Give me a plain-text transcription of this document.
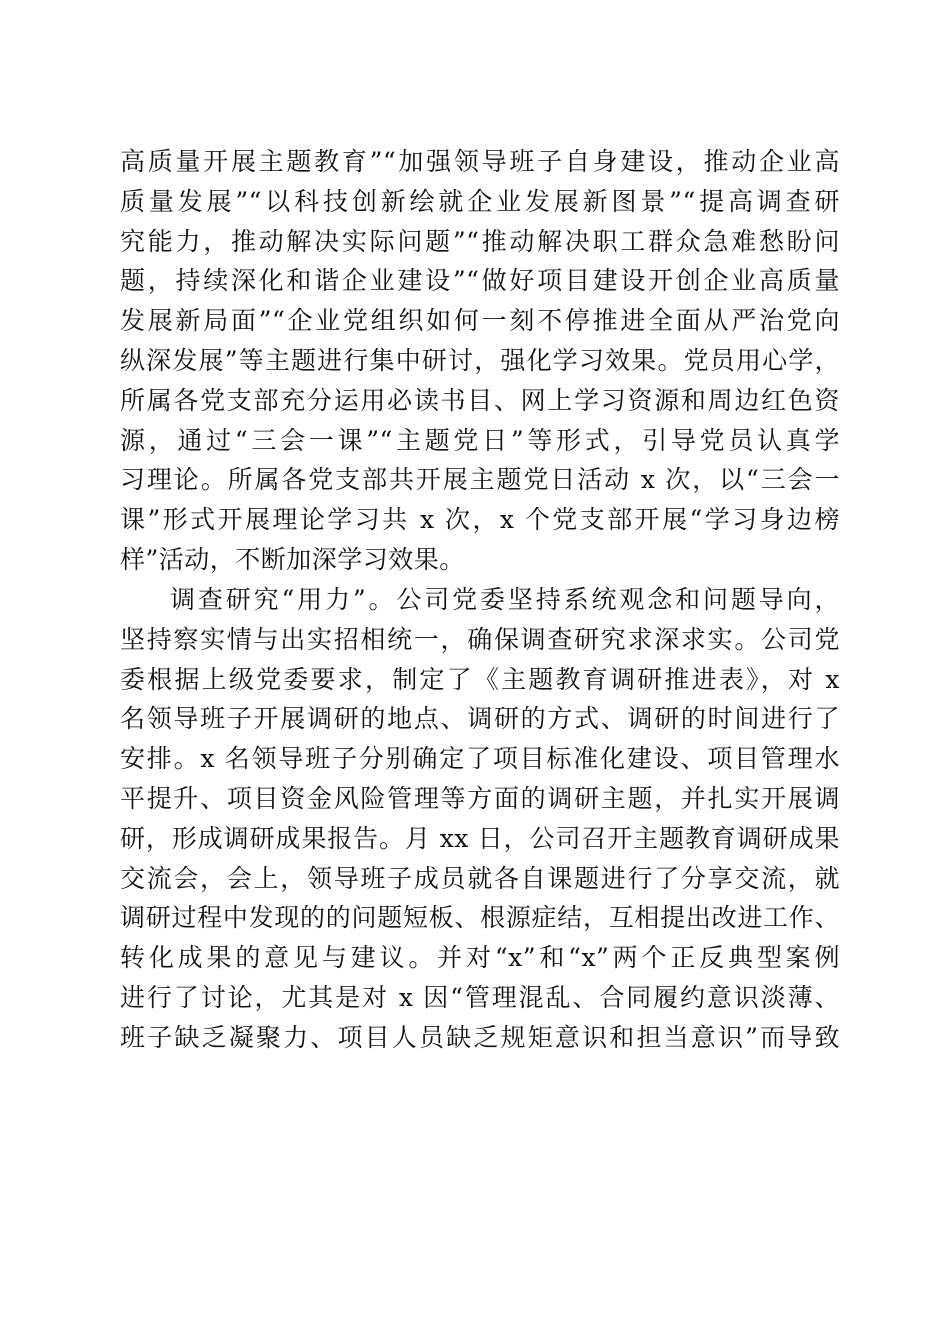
高质量开展主题教育”“加强领导班子自身建设，推动企业高
质量发展”“以科技创新绘就企业发展新图景”“提高调查研
究能力，推动解决实际问题”“推动解决职工群众急难愁盼问
题，持续深化和谐企业建设”“做好项目建设开创企业高质量
发展新局面”“企业党组织如何一刻不停推进全面从严治党向
纵深发展”等主题进行集中研讨，强化学习效果。党员用心学，
所属各党支部充分运用必读书目、网上学习资源和周边红色资
源，通过“三会一课”“主题党日”等形式，引导党员认真学
习理论。所属各党支部共开展主题党日活动 x 次，以“三会一
课”形式开展理论学习共 x 次，x 个党支部开展“学习身边榜
样”活动，不断加深学习效果。
调查研究“用力”。公司党委坚持系统观念和问题导向，
坚持察实情与出实招相统一，确保调查研究求深求实。公司党
委根据上级党委要求，制定了《主题教育调研推进表》，对 x
名领导班子开展调研的地点、调研的方式、调研的时间进行了
安排。x 名领导班子分别确定了项目标准化建设、项目管理水
平提升、项目资金风险管理等方面的调研主题，并扎实开展调
研，形成调研成果报告。月 xx 日，公司召开主题教育调研成果
交流会，会上，领导班子成员就各自课题进行了分享交流，就
调研过程中发现的的问题短板、根源症结，互相提出改进工作、
转化成果的意见与建议。并对“x”和“x”两个正反典型案例
进行了讨论，尤其是对 x 因“管理混乱、合同履约意识淡薄、
班子缺乏凝聚力、项目人员缺乏规矩意识和担当意识”而导致
